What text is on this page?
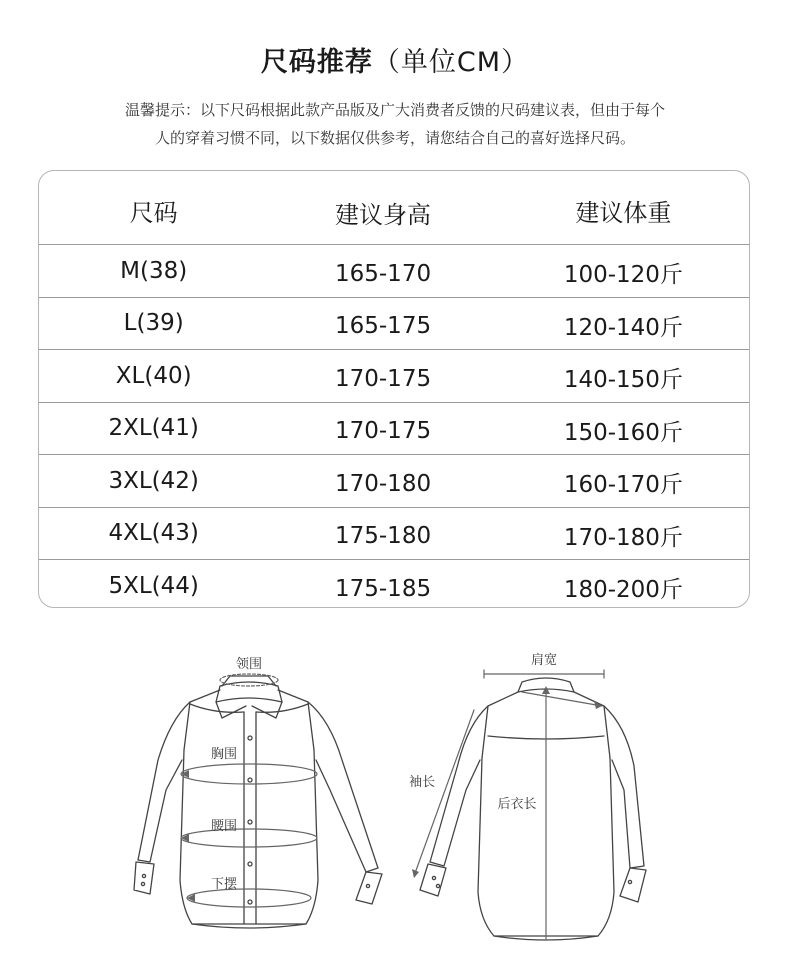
尺码推荐（单位CM）

温馨提示：以下尺码根据此款产品版及广大消费者反馈的尺码建议表，但由于每个

人的穿着习惯不同，以下数据仅供参考，请您结合自己的喜好选择尺码。

尺码	建议身高	建议体重
M(38)	165-170	100-120斤
L(39)	165-175	120-140斤
XL(40)	170-175	140-150斤
2XL(41)	170-175	150-160斤
3XL(42)	170-180	160-170斤
4XL(43)	175-180	170-180斤
5XL(44)	175-185	180-200斤
领围
胸围
腰围
下摆
肩宽
袖长
后衣长
